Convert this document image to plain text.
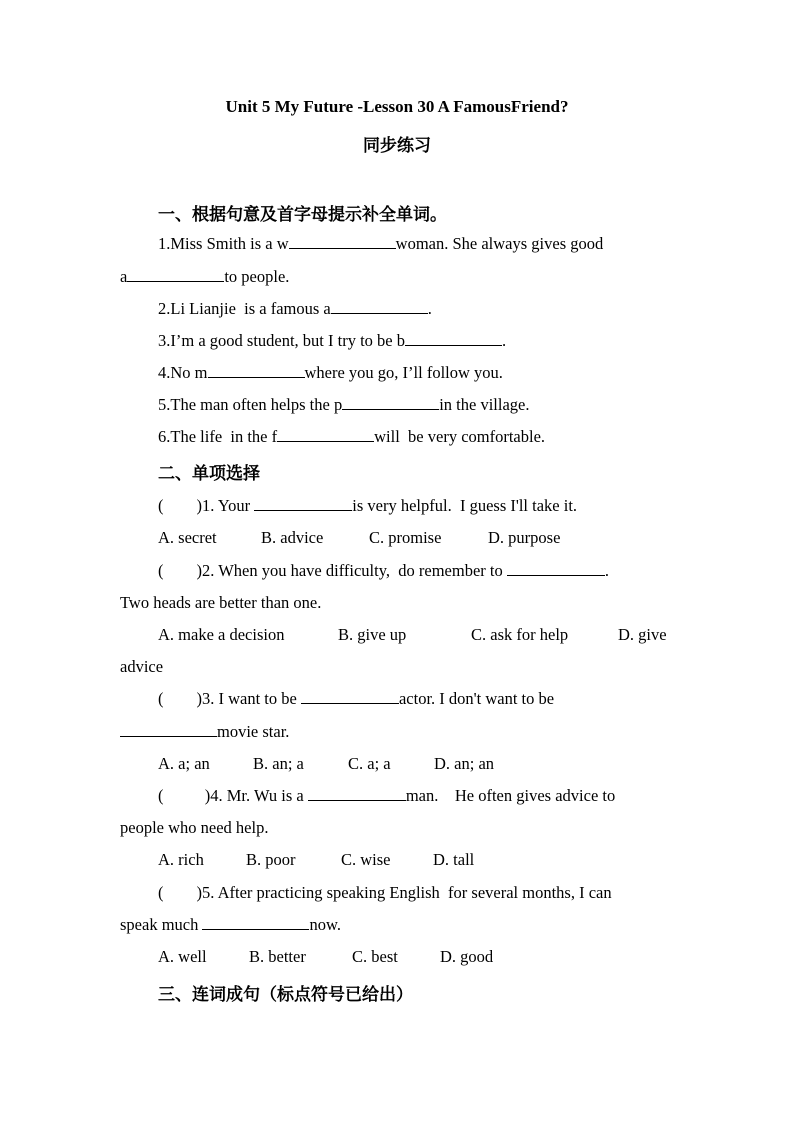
Unit 5 My Future -Lesson 30 A FamousFriend?
同步练习
一、根据句意及首字母提示补全单词。
1.Miss Smith is a w	woman. She always gives good
a	to people.
2.Li Lianjie  is a famous a	.
3.I’m a good student, but I try to be b	.
4.No m	where you go, I’ll follow you.
5.The man often helps the p	in the village.
6.The life  in the f	will  be very comfortable.
二、单项选择
(        )1. Your	is very helpful.  I guess I'll take it.
A. secret	B. advice	C. promise	D. purpose
(        )2. When you have difficulty,  do remember to	.
Two heads are better than one.
A. make a decision	B. give up	C. ask for help	D. give
advice
(        )3. I want to be	actor. I don't want to be
movie star.
A. a; an	B. an; a	C. a; a	D. an; an
(          )4. Mr. Wu is a	man.    He often gives advice to
people who need help.
A. rich	B. poor	C. wise	D. tall
(        )5. After practicing speaking English  for several months, I can
speak much	now.
A. well	B. better	C. best	D. good
三、连词成句（标点符号已给出）
